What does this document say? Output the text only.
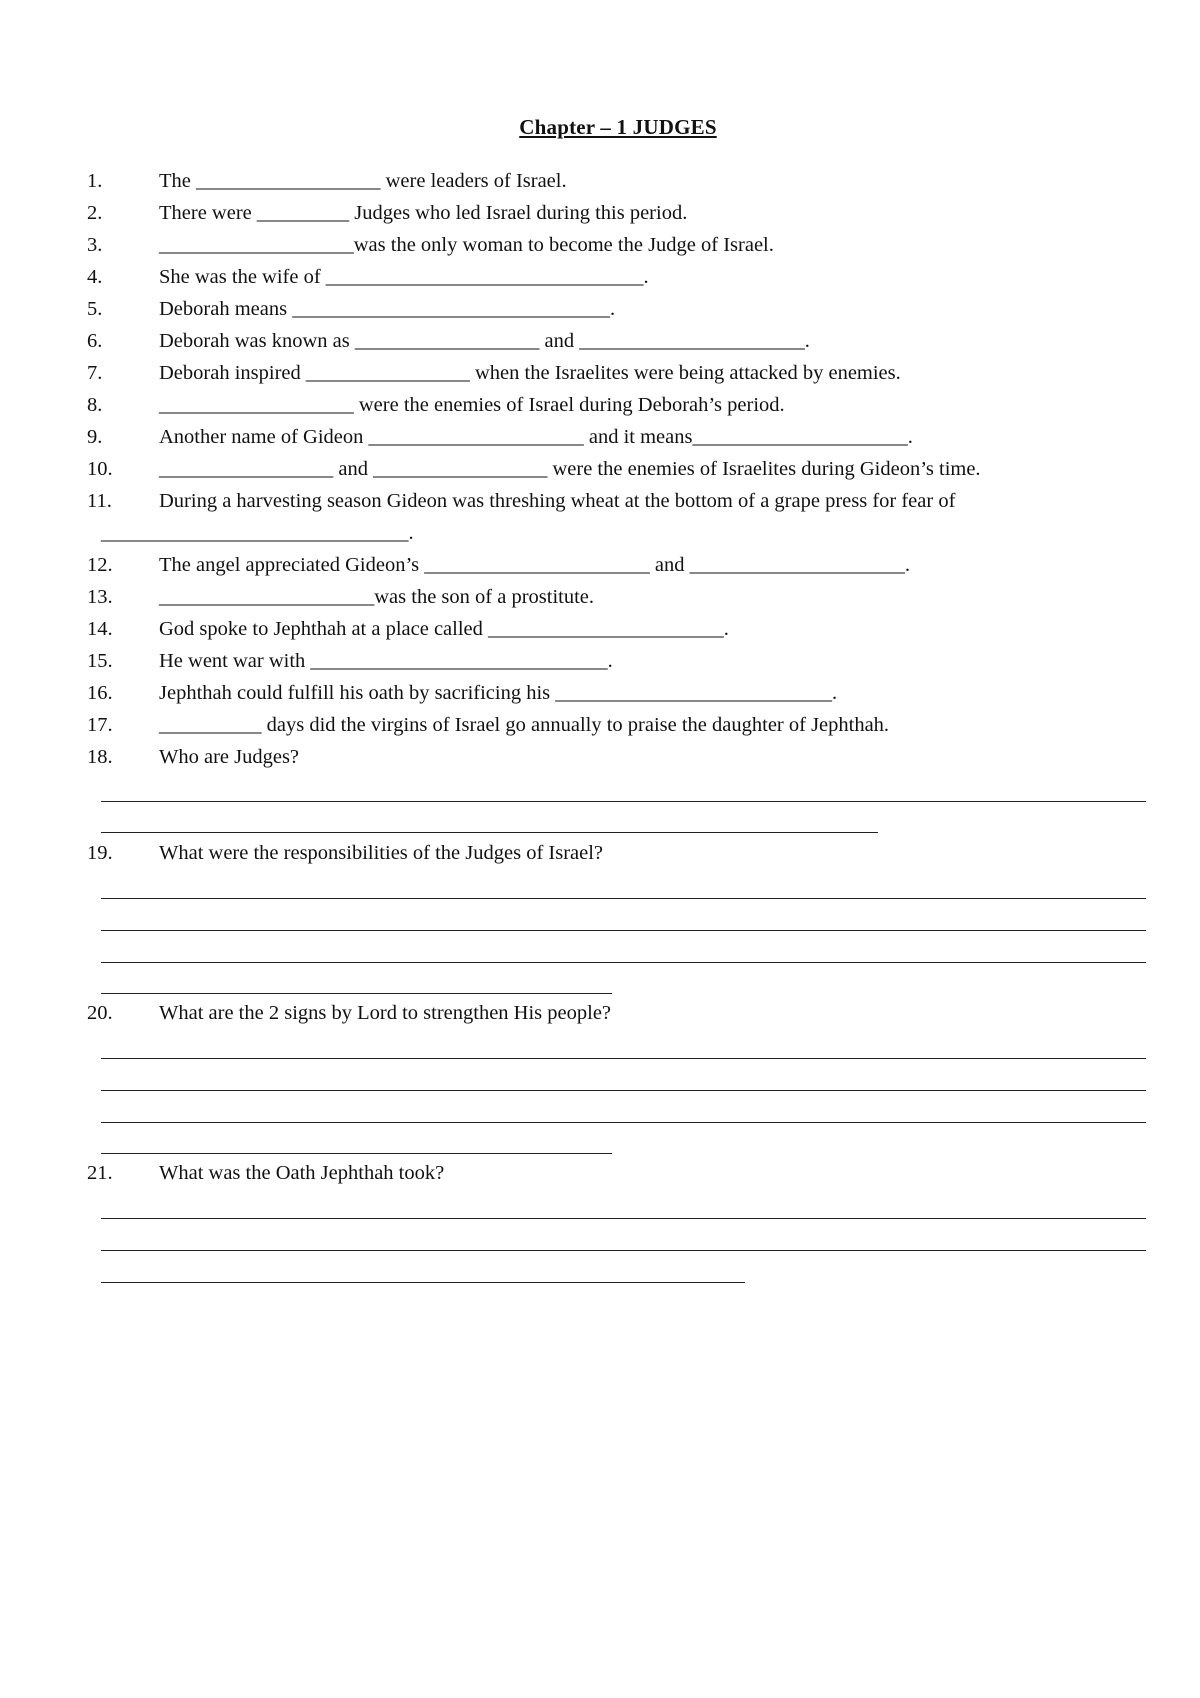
Chapter – 1 JUDGES
1.	The __________________ were leaders of Israel.
2.	There were _________ Judges who led Israel during this period.
3.	___________________was the only woman to become the Judge of Israel.
4.	She was the wife of _______________________________.
5.	Deborah means _______________________________.
6.	Deborah was known as __________________ and ______________________.
7.	Deborah inspired ________________ when the Israelites were being attacked by enemies.
8.	___________________ were the enemies of Israel during Deborah’s period.
9.	Another name of Gideon _____________________ and it means_____________________.
10. _________________ and _________________ were the enemies of Israelites during Gideon’s time.
11. During a harvesting season Gideon was threshing wheat at the bottom of a grape press for fear of
______________________________.
12. The angel appreciated Gideon’s ______________________ and _____________________.
13. _____________________was the son of a prostitute.
14. God spoke to Jephthah at a place called _______________________.
15. He went war with _____________________________.
16. Jephthah could fulfill his oath by sacrificing his ___________________________.
17. __________ days did the virgins of Israel go annually to praise the daughter of Jephthah.
18. Who are Judges?
19. What were the responsibilities of the Judges of Israel?
20. What are the 2 signs by Lord to strengthen His people?
21. What was the Oath Jephthah took?
